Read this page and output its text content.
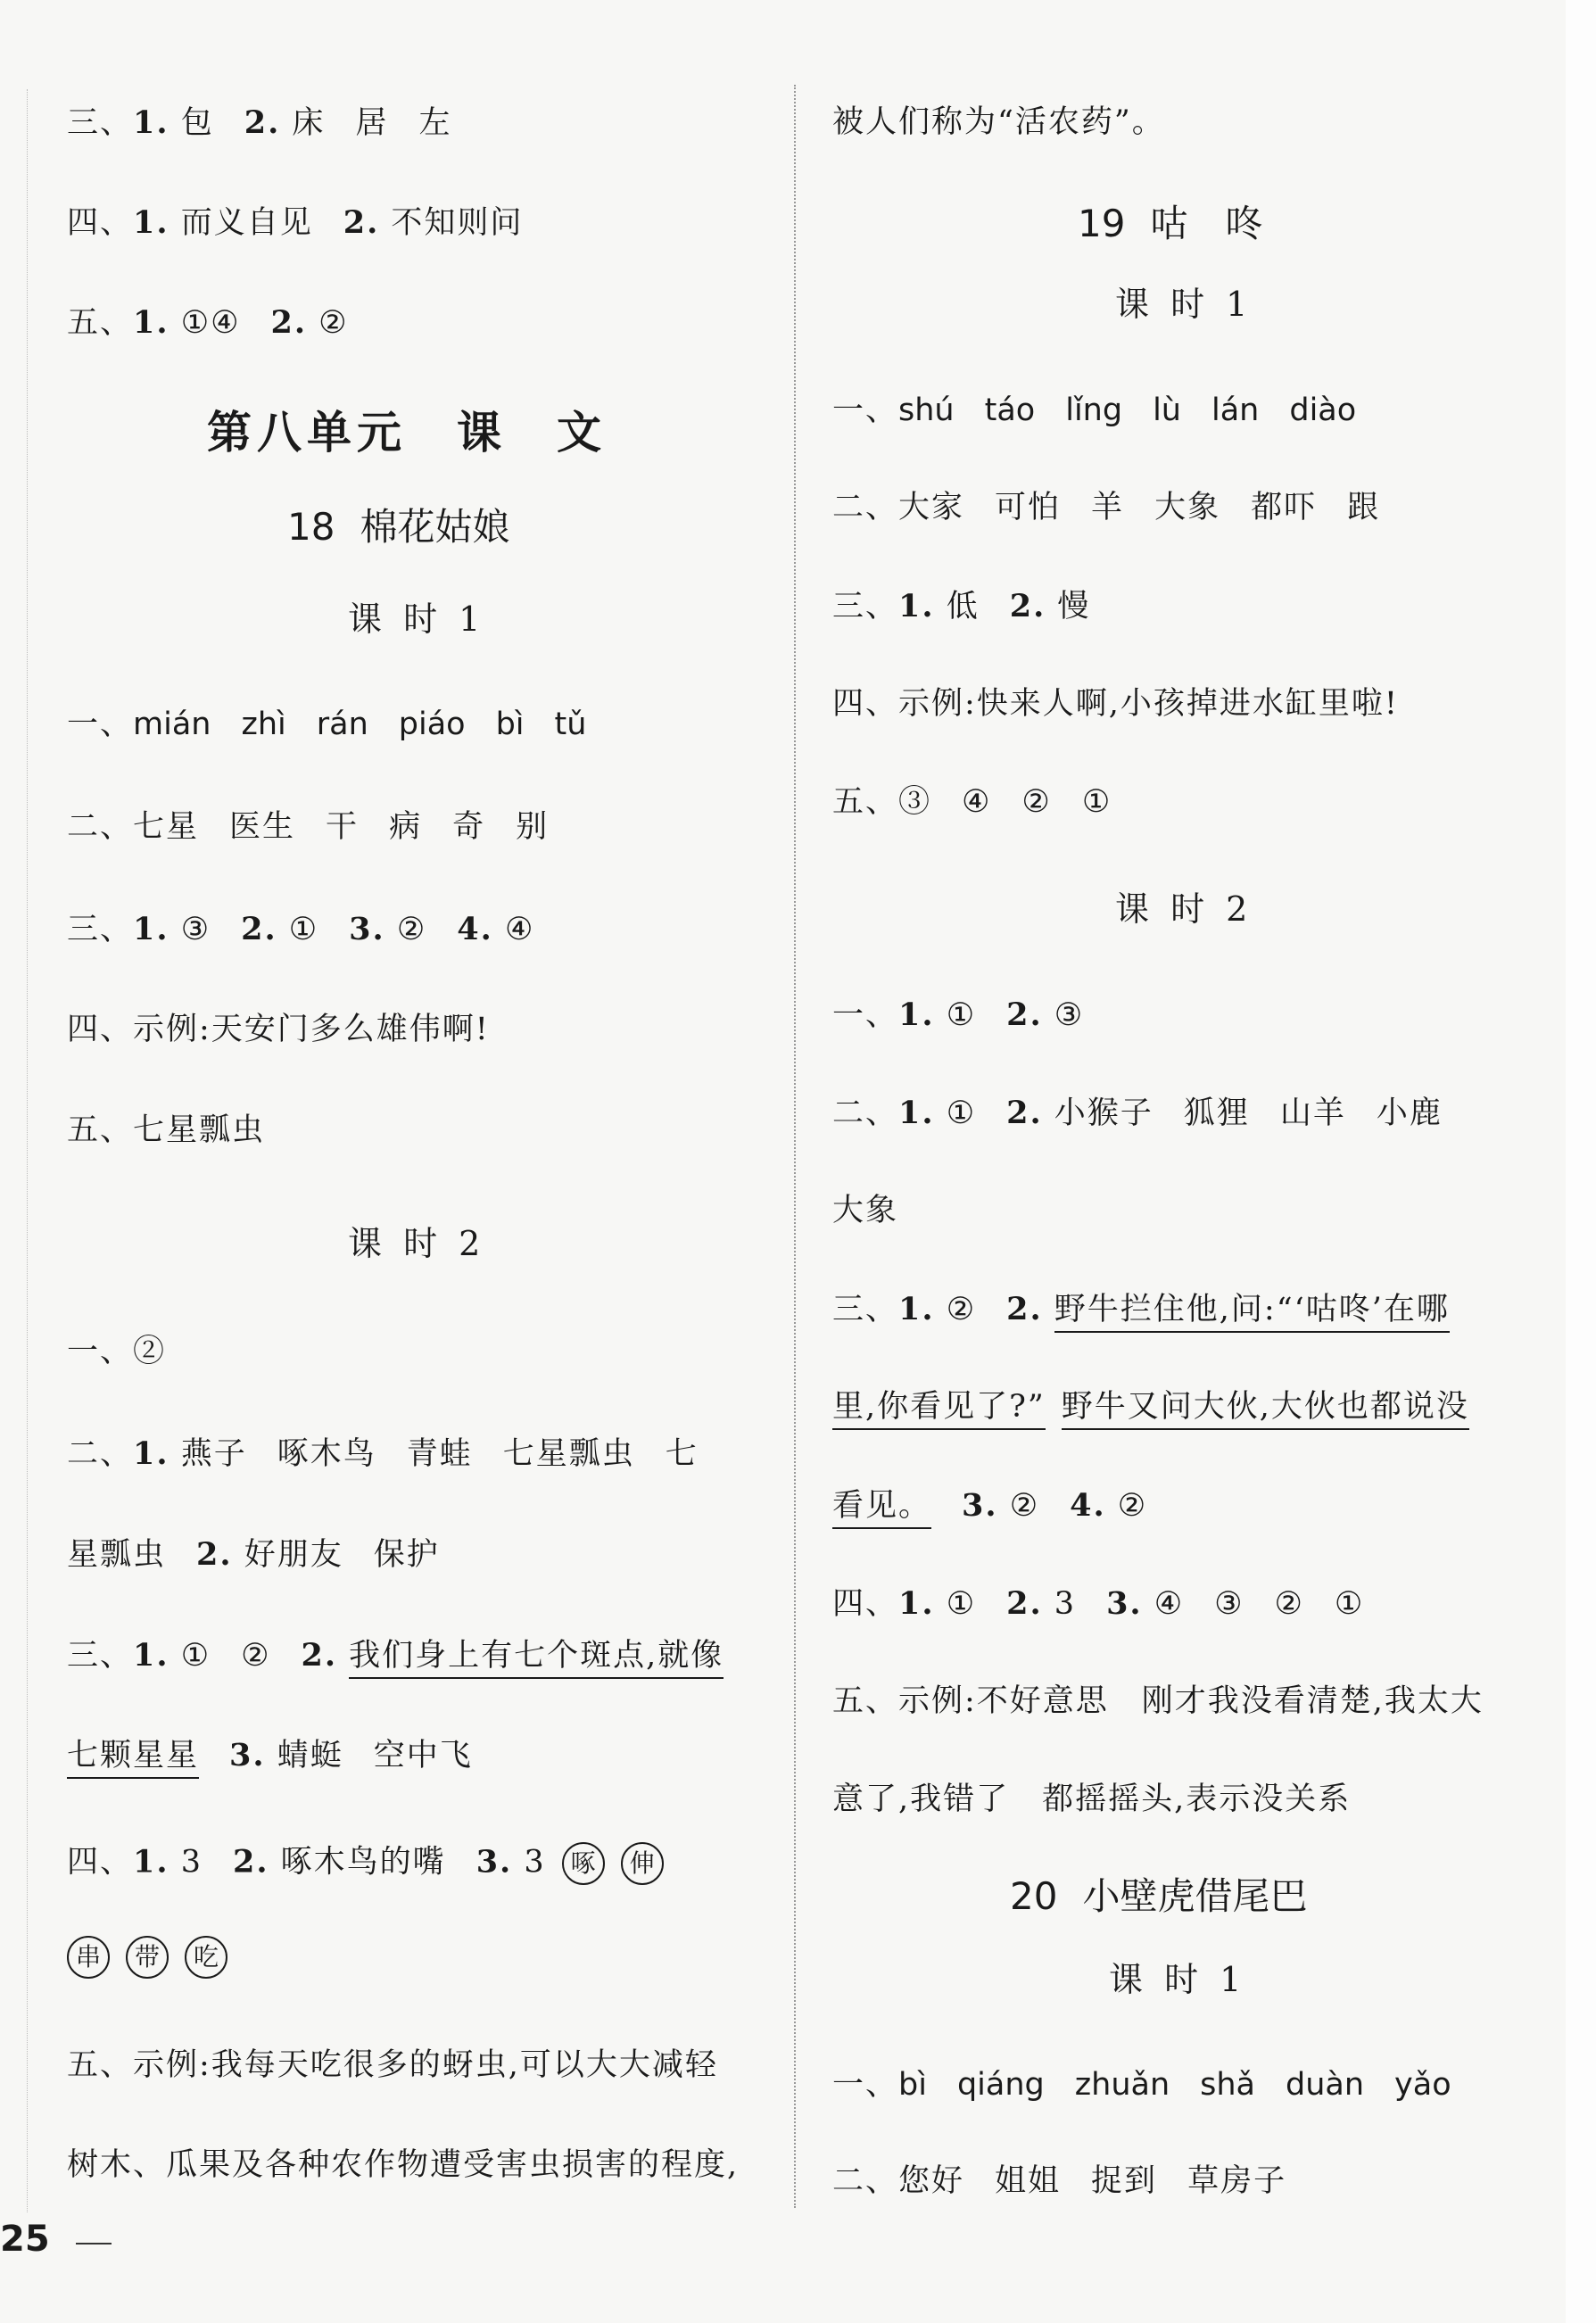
三、1. 包 2. 床 居 左
四、1. 而义自见 2. 不知则问
五、1. ①④ 2. ②
第八单元　课　文
18 棉花姑娘
课 时 1
一、mián zhì rán piáo bì tǔ
二、七星 医生 干 病 奇 别
三、1. ③ 2. ① 3. ② 4. ④
四、示例:天安门多么雄伟啊!
五、七星瓢虫
课 时 2
一、②
二、1. 燕子 啄木鸟 青蛙 七星瓢虫 七
星瓢虫 2. 好朋友 保护
三、1. ① ② 2. 我们身上有七个斑点,就像
七颗星星 3. 蜻蜓 空中飞
四、1. 3 2. 啄木鸟的嘴 3. 3 啄 伸
串 带 吃
五、示例:我每天吃很多的蚜虫,可以大大减轻
树木、瓜果及各种农作物遭受害虫损害的程度,
被人们称为“活农药”。
19 咕　咚
课 时 1
一、shú táo lǐng lù lán diào
二、大家 可怕 羊 大象 都吓 跟
三、1. 低 2. 慢
四、示例:快来人啊,小孩掉进水缸里啦!
五、③ ④ ② ①
课 时 2
一、1. ① 2. ③
二、1. ① 2. 小猴子 狐狸 山羊 小鹿
大象
三、1. ② 2. 野牛拦住他,问:“‘咕咚’在哪
里,你看见了?” 野牛又问大伙,大伙也都说没
看见。 3. ② 4. ②
四、1. ① 2. 3 3. ④ ③ ② ①
五、示例:不好意思　刚才我没看清楚,我太大
意了,我错了　都摇摇头,表示没关系
20 小壁虎借尾巴
课 时 1
一、bì qiáng zhuǎn shǎ duàn yǎo
二、您好 姐姐 捉到 草房子
25
